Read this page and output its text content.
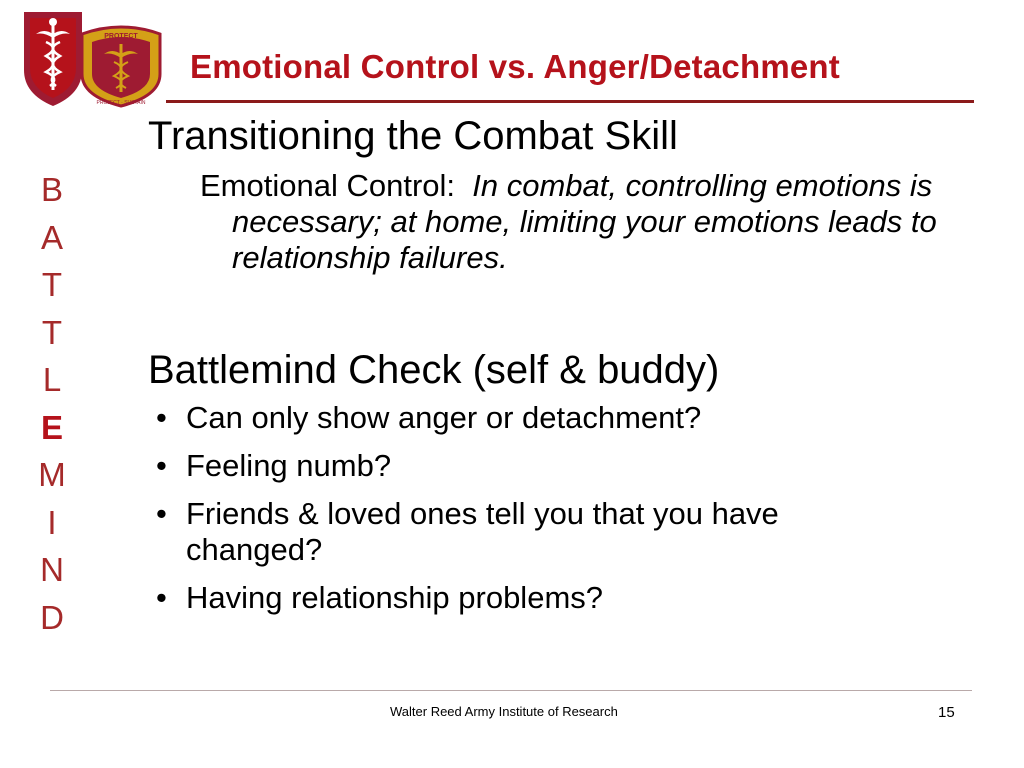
PROTECT
PROJECT · SUSTAIN
Emotional Control vs. Anger/Detachment
B
A
T
T
L
E
M
I
N
D
Transitioning the Combat Skill
Emotional Control: In combat, controlling emotions is necessary; at home, limiting your emotions leads to relationship failures.
Battlemind Check (self & buddy)
• Can only show anger or detachment?
• Feeling numb?
• Friends & loved ones tell you that you have changed?
• Having relationship problems?
Walter Reed Army Institute of Research	15
